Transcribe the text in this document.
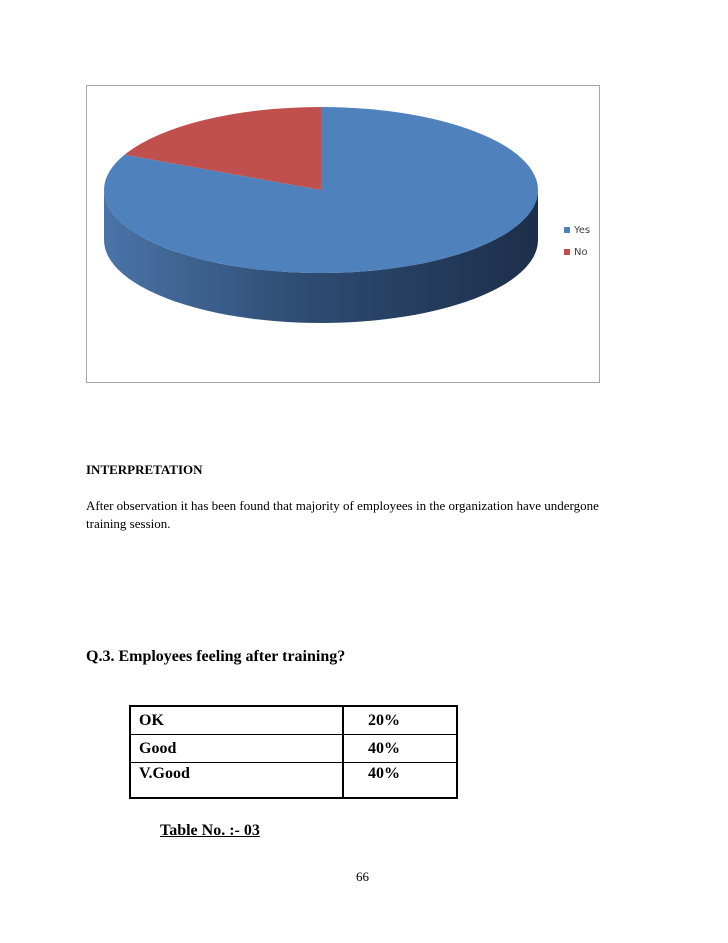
Yes
No
INTERPRETATION
After observation it has been found that majority of employees in the organization have undergone training session.
Q.3. Employees feeling after training?
OK	20%
Good	40%
V.Good	40%
Table No. :- 03
66
